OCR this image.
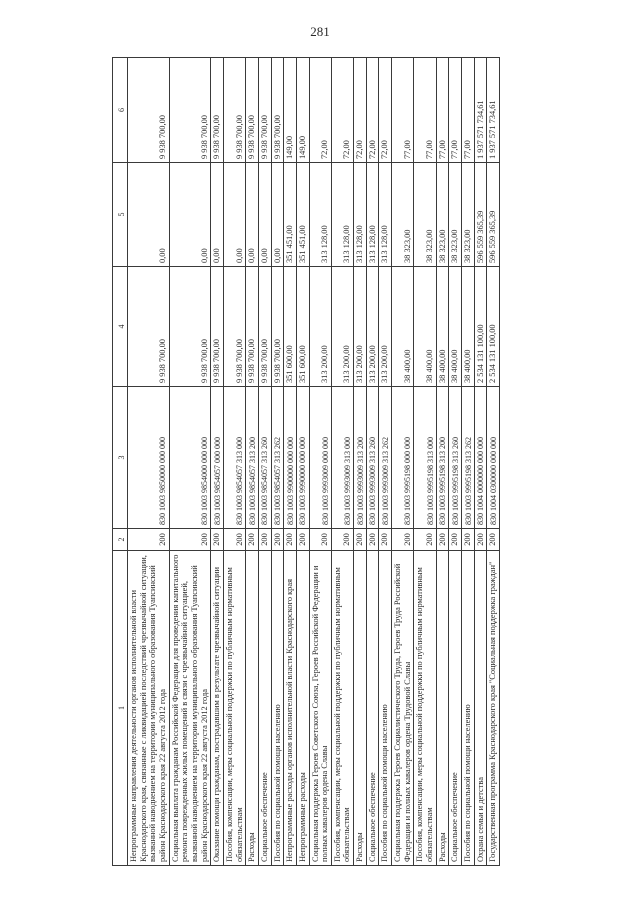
281
1	2	3	4	5	6
Непрограммные направления деятельности органов исполнительной власти Краснодарского края, связанные с ликвидацией последствий чрезвычайной ситуации, вызванной наводнением на территории муниципального образования Туапсинский район Краснодарского края 22 августа 2012 года	200	830 1003 9850000 000 000	9 938 700,00	0,00	9 938 700,00
Социальная выплата гражданам Российской Федерации для проведения капитального ремонта поврежденных жилых помещений в связи с чрезвычайной ситуацией, вызванной наводнением на территории муниципального образования Туапсинский район Краснодарского края 22 августа 2012 года	200	830 1003 9854000 000 000	9 938 700,00	0,00	9 938 700,00
Оказание помощи гражданам, пострадавшим в результате чрезвычайной ситуации	200	830 1003 9854057 000 000	9 938 700,00	0,00	9 938 700,00
Пособия, компенсации, меры социальной поддержки по публичным нормативным обязательствам	200	830 1003 9854057 313 000	9 938 700,00	0,00	9 938 700,00
Расходы	200	830 1003 9854057 313 200	9 938 700,00	0,00	9 938 700,00
Социальное обеспечение	200	830 1003 9854057 313 260	9 938 700,00	0,00	9 938 700,00
Пособия по социальной помощи населению	200	830 1003 9854057 313 262	9 938 700,00	0,00	9 938 700,00
Непрограммные расходы органов исполнительной власти Краснодарского края	200	830 1003 9900000 000 000	351 600,00	351 451,00	149,00
Непрограммные расходы	200	830 1003 9990000 000 000	351 600,00	351 451,00	149,00
Социальная поддержка Героев Советского Союза, Героев Российской Федерации и полных кавалеров ордена Славы	200	830 1003 9993009 000 000	313 200,00	313 128,00	72,00
Пособия, компенсации, меры социальной поддержки по публичным нормативным обязательствам	200	830 1003 9993009 313 000	313 200,00	313 128,00	72,00
Расходы	200	830 1003 9993009 313 200	313 200,00	313 128,00	72,00
Социальное обеспечение	200	830 1003 9993009 313 260	313 200,00	313 128,00	72,00
Пособия по социальной помощи населению	200	830 1003 9993009 313 262	313 200,00	313 128,00	72,00
Социальная поддержка Героев Социалистического Труда, Героев Труда Российской Федерации и полных кавалеров ордена Трудовой Славы	200	830 1003 9995198 000 000	38 400,00	38 323,00	77,00
Пособия, компенсации, меры социальной поддержки по публичным нормативным обязательствам	200	830 1003 9995198 313 000	38 400,00	38 323,00	77,00
Расходы	200	830 1003 9995198 313 200	38 400,00	38 323,00	77,00
Социальное обеспечение	200	830 1003 9995198 313 260	38 400,00	38 323,00	77,00
Пособия по социальной помощи населению	200	830 1003 9995198 313 262	38 400,00	38 323,00	77,00
Охрана семьи и детства	200	830 1004 0000000 000 000	2 534 131 100,00	596 559 365,39	1 937 571 734,61
Государственная программа Краснодарского края "Социальная поддержка граждан"	200	830 1004 0300000 000 000	2 534 131 100,00	596 559 365,39	1 937 571 734,61
